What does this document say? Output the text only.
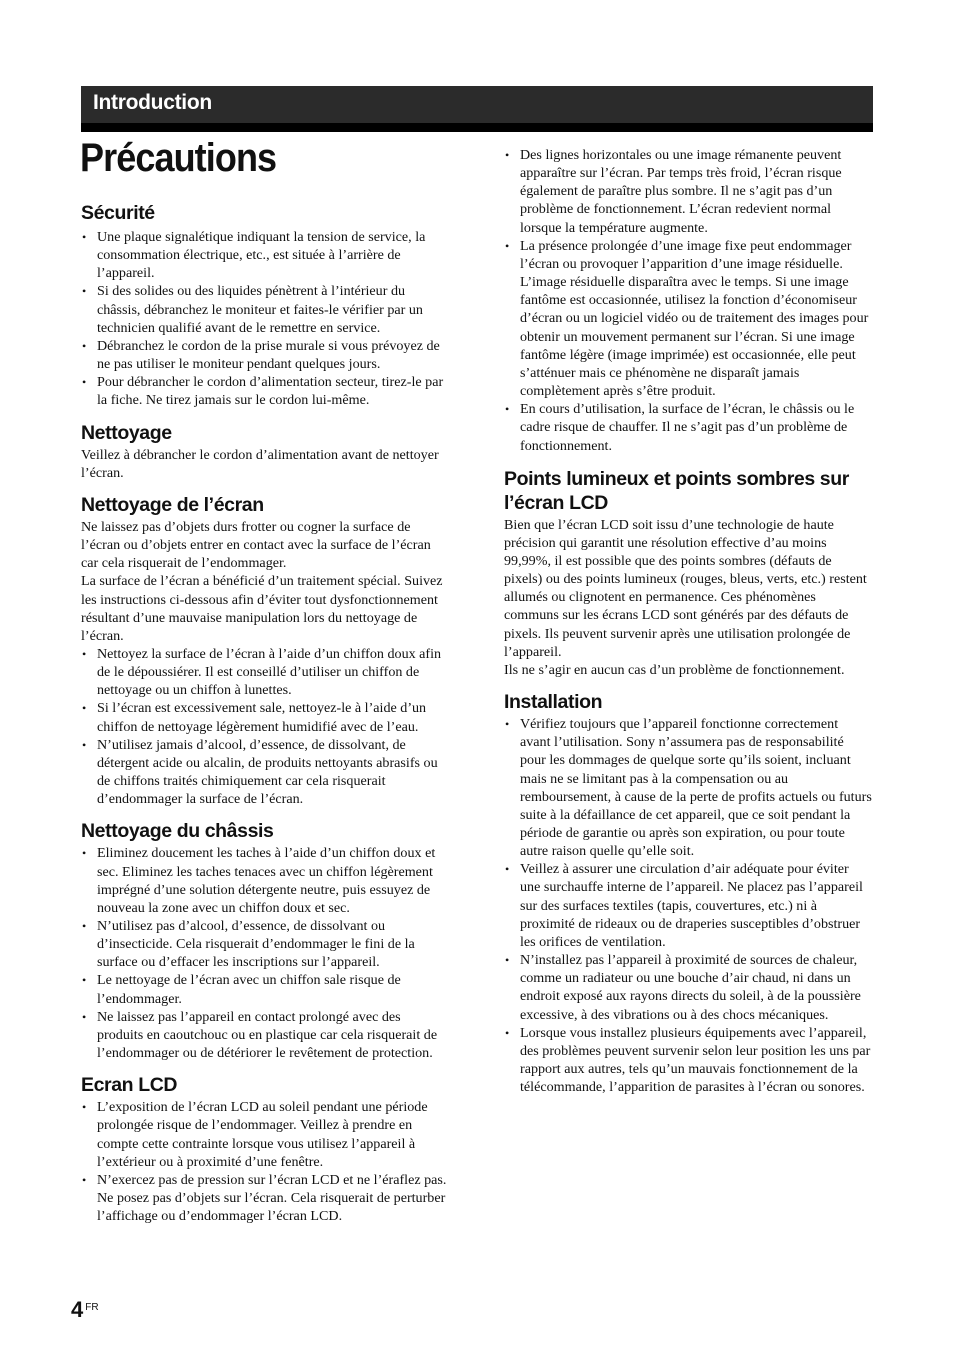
Introduction
Précautions
Sécurité
• Une plaque signalétique indiquant la tension de service, la consommation électrique, etc., est située à l’arrière de l’appareil.
• Si des solides ou des liquides pénètrent à l’intérieur du châssis, débranchez le moniteur et faites-le vérifier par un technicien qualifié avant de le remettre en service.
• Débranchez le cordon de la prise murale si vous prévoyez de ne pas utiliser le moniteur pendant quelques jours.
• Pour débrancher le cordon d’alimentation secteur, tirez-le par la fiche. Ne tirez jamais sur le cordon lui-même.
Nettoyage

Veillez à débrancher le cordon d’alimentation avant de nettoyer l’écran.

Nettoyage de l’écran

Ne laissez pas d’objets durs frotter ou cogner la surface de l’écran ou d’objets entrer en contact avec la surface de l’écran car cela risquerait de l’endommager.

La surface de l’écran a bénéficié d’un traitement spécial. Suivez les instructions ci-dessous afin d’éviter tout dysfonctionnement résultant d’une mauvaise manipulation lors du nettoyage de l’écran.

• Nettoyez la surface de l’écran à l’aide d’un chiffon doux afin de le dépoussiérer. Il est conseillé d’utiliser un chiffon de nettoyage ou un chiffon à lunettes.
• Si l’écran est excessivement sale, nettoyez-le à l’aide d’un chiffon de nettoyage légèrement humidifié avec de l’eau.
• N’utilisez jamais d’alcool, d’essence, de dissolvant, de détergent acide ou alcalin, de produits nettoyants abrasifs ou de chiffons traités chimiquement car cela risquerait d’endommager la surface de l’écran.
Nettoyage du châssis
• Eliminez doucement les taches à l’aide d’un chiffon doux et sec. Eliminez les taches tenaces avec un chiffon légèrement imprégné d’une solution détergente neutre, puis essuyez de nouveau la zone avec un chiffon doux et sec.
• N’utilisez pas d’alcool, d’essence, de dissolvant ou d’insecticide. Cela risquerait d’endommager le fini de la surface ou d’effacer les inscriptions sur l’appareil.
• Le nettoyage de l’écran avec un chiffon sale risque de l’endommager.
• Ne laissez pas l’appareil en contact prolongé avec des produits en caoutchouc ou en plastique car cela risquerait de l’endommager ou de détériorer le revêtement de protection.
Ecran LCD
• L’exposition de l’écran LCD au soleil pendant une période prolongée risque de l’endommager. Veillez à prendre en compte cette contrainte lorsque vous utilisez l’appareil à l’extérieur ou à proximité d’une fenêtre.
• N’exercez pas de pression sur l’écran LCD et ne l’éraflez pas. Ne posez pas d’objets sur l’écran. Cela risquerait de perturber l’affichage ou d’endommager l’écran LCD.
• Des lignes horizontales ou une image rémanente peuvent apparaître sur l’écran. Par temps très froid, l’écran risque également de paraître plus sombre. Il ne s’agit pas d’un problème de fonctionnement. L’écran redevient normal lorsque la température augmente.
• La présence prolongée d’une image fixe peut endommager l’écran ou provoquer l’apparition d’une image résiduelle. L’image résiduelle disparaîtra avec le temps. Si une image fantôme est occasionnée, utilisez la fonction d’économiseur d’écran ou un logiciel vidéo ou de traitement des images pour obtenir un mouvement permanent sur l’écran. Si une image fantôme légère (image imprimée) est occasionnée, elle peut s’atténuer mais ce phénomène ne disparaît jamais complètement après s’être produit.
• En cours d’utilisation, la surface de l’écran, le châssis ou le cadre risque de chauffer. Il ne s’agit pas d’un problème de fonctionnement.
Points lumineux et points sombres sur l’écran LCD

Bien que l’écran LCD soit issu d’une technologie de haute précision qui garantit une résolution effective d’au moins 99,99%, il est possible que des points sombres (défauts de pixels) ou des points lumineux (rouges, bleus, verts, etc.) restent allumés ou clignotent en permanence. Ces phénomènes communs sur les écrans LCD sont générés par des défauts de pixels. Ils peuvent survenir après une utilisation prolongée de l’appareil.

Ils ne s’agir en aucun cas d’un problème de fonctionnement.

Installation
• Vérifiez toujours que l’appareil fonctionne correctement avant l’utilisation. Sony n’assumera pas de responsabilité pour les dommages de quelque sorte qu’ils soient, incluant mais ne se limitant pas à la compensation ou au remboursement, à cause de la perte de profits actuels ou futurs suite à la défaillance de cet appareil, que ce soit pendant la période de garantie ou après son expiration, ou pour toute autre raison quelle qu’elle soit.
• Veillez à assurer une circulation d’air adéquate pour éviter une surchauffe interne de l’appareil. Ne placez pas l’appareil sur des surfaces textiles (tapis, couvertures, etc.) ni à proximité de rideaux ou de draperies susceptibles d’obstruer les orifices de ventilation.
• N’installez pas l’appareil à proximité de sources de chaleur, comme un radiateur ou une bouche d’air chaud, ni dans un endroit exposé aux rayons directs du soleil, à de la poussière excessive, à des vibrations ou à des chocs mécaniques.
• Lorsque vous installez plusieurs équipements avec l’appareil, des problèmes peuvent survenir selon leur position les uns par rapport aux autres, tels qu’un mauvais fonctionnement de la télécommande, l’apparition de parasites à l’écran ou sonores.
4 $^{FR}$
